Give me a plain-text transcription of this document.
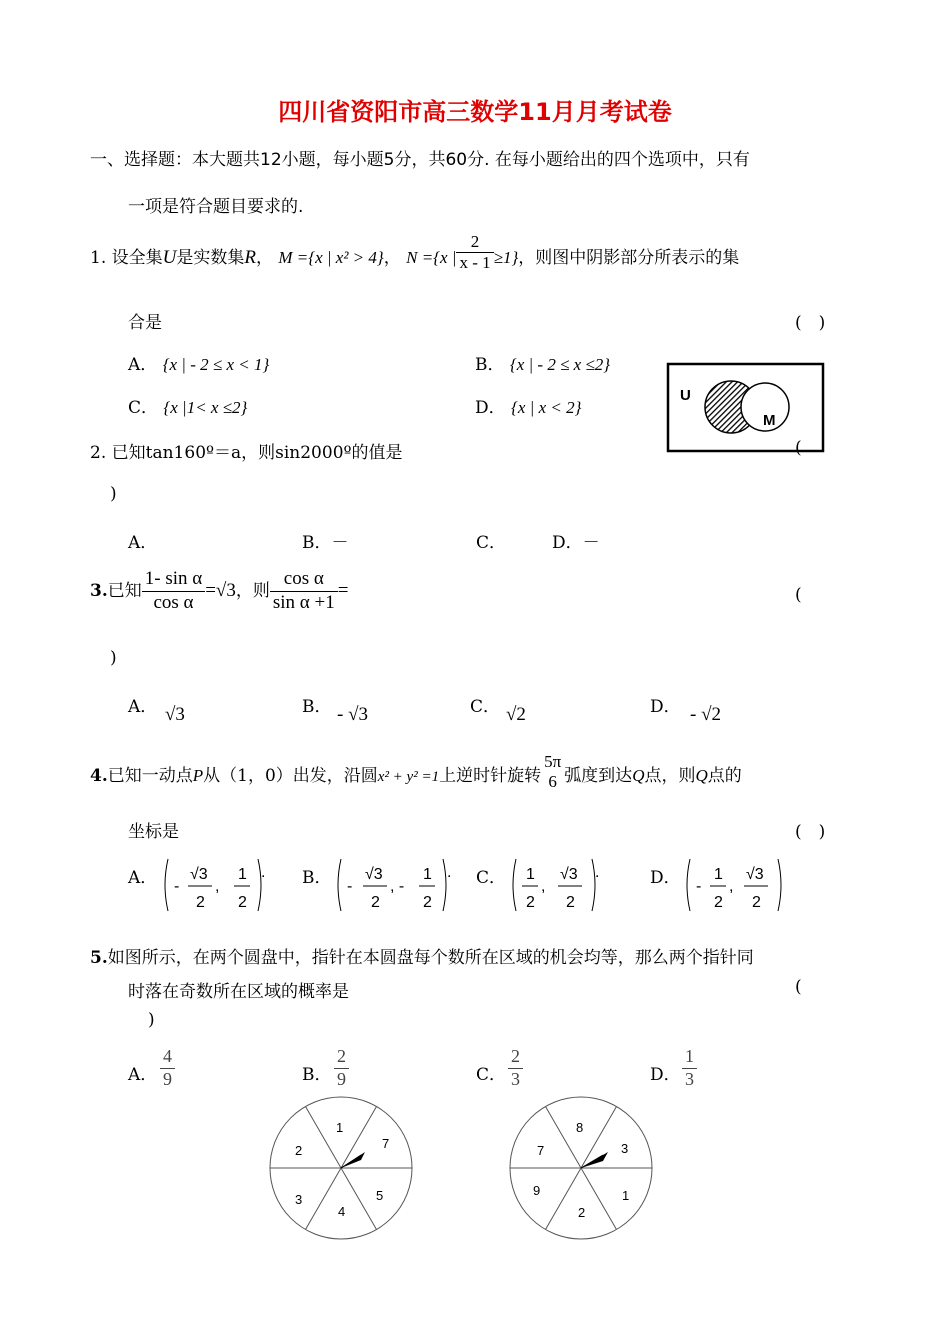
四川省资阳市高三数学11月月考试卷
一、选择题：本大题共12小题，每小题5分，共60分. 在每小题给出的四个选项中，只有
一项是符合题目要求的.
1. 设全集U是实数集R， M ={x | x² > 4}， N ={x | $\frac{2}{x - 1} \ge 1$}，则图中阴影部分所表示的集
合是	(　)
A． {x | - 2 ≤ x < 1}	B． {x | - 2 ≤ x ≤2}
C． {x |1< x ≤2}	D． {x | x < 2}
U
M
2. 已知tan160º＝a，则sin2000º的值是	(
)
A．	B．－	C．	D．－
3.已知 $\frac{\text{1- sin α}}{\text{cos α}} =√3$，则 $\frac{\text{cos α}}{\text{sin α +1}}$ =	(
)
A． √3	B． - √3	C． √2	D． - √2
4.已知一动点P从（1，0）出发，沿圆x² + y² =1上逆时针旋转
5π
6 弧度到达Q点，则Q点的
坐标是	(　)
A． -
√3
2
,
1
2
. B． -
√3
2
, -
1
2
. C． 1
2
,
√3
2
.	D． -
1
2
,
√3
2
5.如图所示，在两个圆盘中，指针在本圆盘每个数所在区域的机会均等，那么两个指针同
时落在奇数所在区域的概率是	(
)
A． $\frac{4}{9}$	B． $\frac{2}{9}$	C． $\frac{2}{3}$	D． $\frac{1}{3}$
1
7
5
4
3
2
8
3
1
2
9
7
